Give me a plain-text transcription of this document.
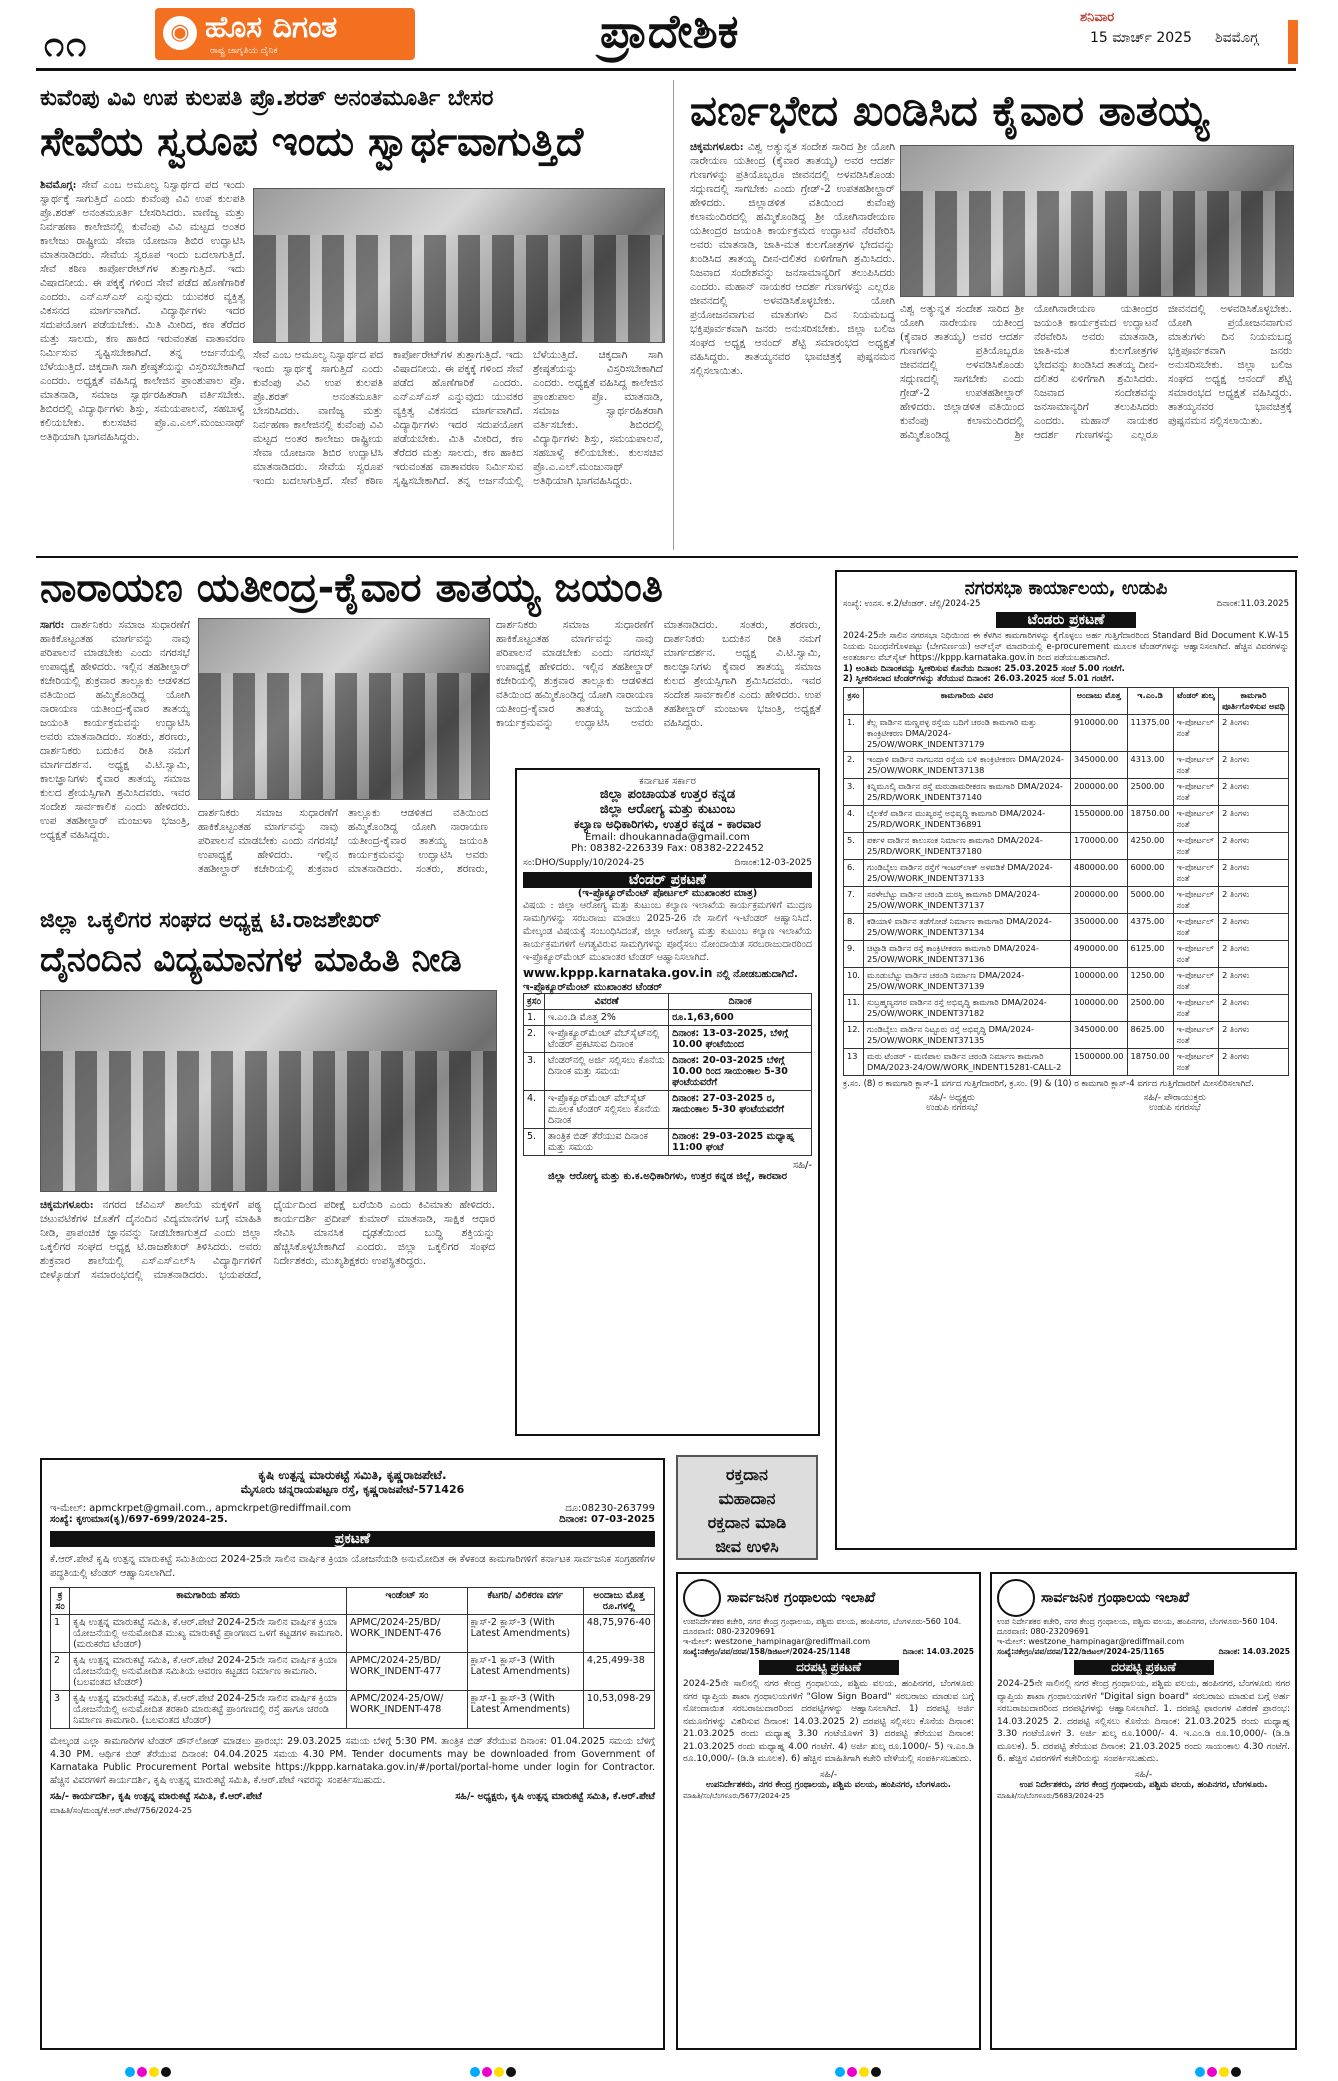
೧೧	◉ ಹೊಸ ದಿಗಂತ
ರಾಷ್ಟ್ರ ಜಾಗೃತಿಯ ದೈನಿಕ	ಪ್ರಾದೇಶಿಕ	ಶನಿವಾರ
15 ಮಾರ್ಚ್ 2025 ಶಿವಮೊಗ್ಗ
ಕುವೆಂಪು ವಿವಿ ಉಪ ಕುಲಪತಿ ಪ್ರೊ.ಶರತ್ ಅನಂತಮೂರ್ತಿ ಬೇಸರ
ಸೇವೆಯ ಸ್ವರೂಪ ಇಂದು ಸ್ವಾರ್ಥವಾಗುತ್ತಿದೆ
ಶಿವಮೊಗ್ಗ: ಸೇವೆ ಎಂಬ ಅಮೂಲ್ಯ ನಿಸ್ವಾರ್ಥದ ಪದ ಇಂದು ಸ್ವಾರ್ಥಕ್ಕೆ ಸಾಗುತ್ತಿದೆ ಎಂದು ಕುವೆಂಪು ವಿವಿ ಉಪ ಕುಲಪತಿ ಪ್ರೊ.ಶರತ್ ಅನಂತಮೂರ್ತಿ ಬೇಸರಿಸಿದರು. ವಾಣಿಜ್ಯ ಮತ್ತು ನಿರ್ವಹಣಾ ಕಾಲೇಜಿನಲ್ಲಿ ಕುವೆಂಪು ವಿವಿ ಮಟ್ಟದ ಅಂತರ ಕಾಲೇಜು ರಾಷ್ಟ್ರೀಯ ಸೇವಾ ಯೋಜನಾ ಶಿಬಿರ ಉದ್ಘಾಟಿಸಿ ಮಾತನಾಡಿದರು. ಸೇವೆಯ ಸ್ವರೂಪ ಇಂದು ಬದಲಾಗುತ್ತಿದೆ. ಸೇವೆ ಕಠಿಣ ಕಾರ್ಪೋರೇಟ್‌ಗಳ ತುತ್ತಾಗುತ್ತಿದೆ. ಇದು ವಿಷಾದನೀಯ. ಈ ಪಕ್ಕಕ್ಕೆ ಗಳಿಂದ ಸೇವೆ ಪಡೆದ ಹೊಣೆಗಾರಿಕೆ ಎಂದರು. ಎನ್‌ಎಸ್‌ಎಸ್ ಎನ್ನುವುದು ಯುವಕರ ವ್ಯಕ್ತಿತ್ವ ವಿಕಸನದ ಮಾರ್ಗವಾಗಿದೆ. ವಿದ್ಯಾರ್ಥಿಗಳು ಇದರ ಸದುಪಯೋಗ ಪಡೆಯಬೇಕು. ಮಿತಿ ಮೀರಿದ, ಕಣ ತೆರೆದರ ಮತ್ತು ಸಾಲದು, ಕಣ ಹಾಕಿದ ಇರುವಂತಹ ವಾತಾವರಣ ನಿರ್ಮಿಸುವ ಸೃಷ್ಟಿಸಬೇಕಾಗಿದೆ. ತನ್ನ ಅರ್ಜನೆಯಲ್ಲಿ ಬೆಳೆಯುತ್ತಿದೆ. ಚಿಕ್ಕದಾಗಿ ಸಾಗಿ ಶ್ರೇಷ್ಠತೆಯನ್ನು ವಿಸ್ತರಿಸಬೇಕಾಗಿದೆ ಎಂದರು. ಅಧ್ಯಕ್ಷತೆ ವಹಿಸಿದ್ದ ಕಾಲೇಜಿನ ಪ್ರಾಂಶುಪಾಲ ಪ್ರೊ. ಮಾತನಾಡಿ, ಸಮಾಜ ಸ್ವಾರ್ಥರಹಿತರಾಗಿ ವರ್ತಿಸಬೇಕು. ಶಿಬಿರದಲ್ಲಿ ವಿದ್ಯಾರ್ಥಿಗಳು ಶಿಸ್ತು, ಸಮಯಪಾಲನೆ, ಸಹಬಾಳ್ವೆ ಕಲಿಯಬೇಕು. ಕುಲಸಚಿವ ಪ್ರೊ.ಎ.ಎಲ್.ಮಂಜುನಾಥ್ ಅತಿಥಿಯಾಗಿ ಭಾಗವಹಿಸಿದ್ದರು.
ಸೇವೆ ಎಂಬ ಅಮೂಲ್ಯ ನಿಸ್ವಾರ್ಥದ ಪದ ಇಂದು ಸ್ವಾರ್ಥಕ್ಕೆ ಸಾಗುತ್ತಿದೆ ಎಂದು ಕುವೆಂಪು ವಿವಿ ಉಪ ಕುಲಪತಿ ಪ್ರೊ.ಶರತ್ ಅನಂತಮೂರ್ತಿ ಬೇಸರಿಸಿದರು. ವಾಣಿಜ್ಯ ಮತ್ತು ನಿರ್ವಹಣಾ ಕಾಲೇಜಿನಲ್ಲಿ ಕುವೆಂಪು ವಿವಿ ಮಟ್ಟದ ಅಂತರ ಕಾಲೇಜು ರಾಷ್ಟ್ರೀಯ ಸೇವಾ ಯೋಜನಾ ಶಿಬಿರ ಉದ್ಘಾಟಿಸಿ ಮಾತನಾಡಿದರು. ಸೇವೆಯ ಸ್ವರೂಪ ಇಂದು ಬದಲಾಗುತ್ತಿದೆ. ಸೇವೆ ಕಠಿಣ ಕಾರ್ಪೋರೇಟ್‌ಗಳ ತುತ್ತಾಗುತ್ತಿದೆ. ಇದು ವಿಷಾದನೀಯ. ಈ ಪಕ್ಕಕ್ಕೆ ಗಳಿಂದ ಸೇವೆ ಪಡೆದ ಹೊಣೆಗಾರಿಕೆ ಎಂದರು. ಎನ್‌ಎಸ್‌ಎಸ್ ಎನ್ನುವುದು ಯುವಕರ ವ್ಯಕ್ತಿತ್ವ ವಿಕಸನದ ಮಾರ್ಗವಾಗಿದೆ. ವಿದ್ಯಾರ್ಥಿಗಳು ಇದರ ಸದುಪಯೋಗ ಪಡೆಯಬೇಕು. ಮಿತಿ ಮೀರಿದ, ಕಣ ತೆರೆದರ ಮತ್ತು ಸಾಲದು, ಕಣ ಹಾಕಿದ ಇರುವಂತಹ ವಾತಾವರಣ ನಿರ್ಮಿಸುವ ಸೃಷ್ಟಿಸಬೇಕಾಗಿದೆ. ತನ್ನ ಅರ್ಜನೆಯಲ್ಲಿ ಬೆಳೆಯುತ್ತಿದೆ. ಚಿಕ್ಕದಾಗಿ ಸಾಗಿ ಶ್ರೇಷ್ಠತೆಯನ್ನು ವಿಸ್ತರಿಸಬೇಕಾಗಿದೆ ಎಂದರು. ಅಧ್ಯಕ್ಷತೆ ವಹಿಸಿದ್ದ ಕಾಲೇಜಿನ ಪ್ರಾಂಶುಪಾಲ ಪ್ರೊ. ಮಾತನಾಡಿ, ಸಮಾಜ ಸ್ವಾರ್ಥರಹಿತರಾಗಿ ವರ್ತಿಸಬೇಕು. ಶಿಬಿರದಲ್ಲಿ ವಿದ್ಯಾರ್ಥಿಗಳು ಶಿಸ್ತು, ಸಮಯಪಾಲನೆ, ಸಹಬಾಳ್ವೆ ಕಲಿಯಬೇಕು. ಕುಲಸಚಿವ ಪ್ರೊ.ಎ.ಎಲ್.ಮಂಜುನಾಥ್ ಅತಿಥಿಯಾಗಿ ಭಾಗವಹಿಸಿದ್ದರು.
ವರ್ಣಭೇದ ಖಂಡಿಸಿದ ಕೈವಾರ ತಾತಯ್ಯ
ಚಿಕ್ಕಮಗಳೂರು: ವಿಶ್ವ ಅತ್ಯುನ್ನತ ಸಂದೇಶ ಸಾರಿದ ಶ್ರೀ ಯೋಗಿ ನಾರೇಯಣ ಯತೀಂದ್ರ (ಕೈವಾರ ತಾತಯ್ಯ) ಅವರ ಆದರ್ಶ ಗುಣಗಳನ್ನು ಪ್ರತಿಯೊಬ್ಬರೂ ಜೀವನದಲ್ಲಿ ಅಳವಡಿಸಿಕೊಂಡು ಸದ್ಗುಣದಲ್ಲಿ ಸಾಗಬೇಕು ಎಂದು ಗ್ರೇಡ್-2 ಉಪತಹಶೀಲ್ದಾರ್ ಹೇಳಿದರು. ಜಿಲ್ಲಾಡಳಿತ ವತಿಯಿಂದ ಕುವೆಂಪು ಕಲಾಮಂದಿರದಲ್ಲಿ ಹಮ್ಮಿಕೊಂಡಿದ್ದ ಶ್ರೀ ಯೋಗಿನಾರೇಯಣ ಯತೀಂದ್ರರ ಜಯಂತಿ ಕಾರ್ಯಕ್ರಮದ ಉದ್ಘಾಟನೆ ನೆರವೇರಿಸಿ ಅವರು ಮಾತನಾಡಿ, ಜಾತಿ-ಮತ ಕುಲಗೋತ್ರಗಳ ಭೇದವನ್ನು ಖಂಡಿಸಿದ ತಾತಯ್ಯ ದೀನ-ದಲಿತರ ಏಳಿಗೆಗಾಗಿ ಶ್ರಮಿಸಿದರು. ನಿಜವಾದ ಸಂದೇಶವನ್ನು ಜನಸಾಮಾನ್ಯರಿಗೆ ತಲುಪಿಸಿದರು ಎಂದರು. ಮಹಾನ್ ನಾಯಕರ ಆದರ್ಶ ಗುಣಗಳನ್ನು ಎಲ್ಲರೂ ಜೀವನದಲ್ಲಿ ಅಳವಡಿಸಿಕೊಳ್ಳಬೇಕು. ಯೋಗಿ ಪ್ರಯೋಜನವಾಗುವ ಮಾತುಗಳು ದಿನ ನಿಯಮಬದ್ಧ ಭಕ್ತಿಪೂರ್ವಕವಾಗಿ ಜನರು ಅನುಸರಿಸಬೇಕು. ಜಿಲ್ಲಾ ಬಲಿಜ ಸಂಘದ ಅಧ್ಯಕ್ಷ ಆನಂದ್ ಶೆಟ್ಟಿ ಸಮಾರಂಭದ ಅಧ್ಯಕ್ಷತೆ ವಹಿಸಿದ್ದರು. ತಾತಯ್ಯನವರ ಭಾವಚಿತ್ರಕ್ಕೆ ಪುಷ್ಪನಮನ ಸಲ್ಲಿಸಲಾಯಿತು.
ವಿಶ್ವ ಅತ್ಯುನ್ನತ ಸಂದೇಶ ಸಾರಿದ ಶ್ರೀ ಯೋಗಿ ನಾರೇಯಣ ಯತೀಂದ್ರ (ಕೈವಾರ ತಾತಯ್ಯ) ಅವರ ಆದರ್ಶ ಗುಣಗಳನ್ನು ಪ್ರತಿಯೊಬ್ಬರೂ ಜೀವನದಲ್ಲಿ ಅಳವಡಿಸಿಕೊಂಡು ಸದ್ಗುಣದಲ್ಲಿ ಸಾಗಬೇಕು ಎಂದು ಗ್ರೇಡ್-2 ಉಪತಹಶೀಲ್ದಾರ್ ಹೇಳಿದರು. ಜಿಲ್ಲಾಡಳಿತ ವತಿಯಿಂದ ಕುವೆಂಪು ಕಲಾಮಂದಿರದಲ್ಲಿ ಹಮ್ಮಿಕೊಂಡಿದ್ದ ಶ್ರೀ ಯೋಗಿನಾರೇಯಣ ಯತೀಂದ್ರರ ಜಯಂತಿ ಕಾರ್ಯಕ್ರಮದ ಉದ್ಘಾಟನೆ ನೆರವೇರಿಸಿ ಅವರು ಮಾತನಾಡಿ, ಜಾತಿ-ಮತ ಕುಲಗೋತ್ರಗಳ ಭೇದವನ್ನು ಖಂಡಿಸಿದ ತಾತಯ್ಯ ದೀನ-ದಲಿತರ ಏಳಿಗೆಗಾಗಿ ಶ್ರಮಿಸಿದರು. ನಿಜವಾದ ಸಂದೇಶವನ್ನು ಜನಸಾಮಾನ್ಯರಿಗೆ ತಲುಪಿಸಿದರು ಎಂದರು. ಮಹಾನ್ ನಾಯಕರ ಆದರ್ಶ ಗುಣಗಳನ್ನು ಎಲ್ಲರೂ ಜೀವನದಲ್ಲಿ ಅಳವಡಿಸಿಕೊಳ್ಳಬೇಕು. ಯೋಗಿ ಪ್ರಯೋಜನವಾಗುವ ಮಾತುಗಳು ದಿನ ನಿಯಮಬದ್ಧ ಭಕ್ತಿಪೂರ್ವಕವಾಗಿ ಜನರು ಅನುಸರಿಸಬೇಕು. ಜಿಲ್ಲಾ ಬಲಿಜ ಸಂಘದ ಅಧ್ಯಕ್ಷ ಆನಂದ್ ಶೆಟ್ಟಿ ಸಮಾರಂಭದ ಅಧ್ಯಕ್ಷತೆ ವಹಿಸಿದ್ದರು. ತಾತಯ್ಯನವರ ಭಾವಚಿತ್ರಕ್ಕೆ ಪುಷ್ಪನಮನ ಸಲ್ಲಿಸಲಾಯಿತು.
ನಾರಾಯಣ ಯತೀಂದ್ರ-ಕೈವಾರ ತಾತಯ್ಯ ಜಯಂತಿ
ಸಾಗರ: ದಾರ್ಶನಿಕರು ಸಮಾಜ ಸುಧಾರಣೆಗೆ ಹಾಕಿಕೊಟ್ಟಂತಹ ಮಾರ್ಗವನ್ನು ನಾವು ಪರಿಪಾಲನೆ ಮಾಡಬೇಕು ಎಂದು ನಗರಸಭೆ ಉಪಾಧ್ಯಕ್ಷೆ ಹೇಳಿದರು. ಇಲ್ಲಿನ ತಹಶೀಲ್ದಾರ್ ಕಚೇರಿಯಲ್ಲಿ ಶುಕ್ರವಾರ ತಾಲ್ಲೂಕು ಆಡಳಿತದ ವತಿಯಿಂದ ಹಮ್ಮಿಕೊಂಡಿದ್ದ ಯೋಗಿ ನಾರಾಯಣ ಯತೀಂದ್ರ-ಕೈವಾರ ತಾತಯ್ಯ ಜಯಂತಿ ಕಾರ್ಯಕ್ರಮವನ್ನು ಉದ್ಘಾಟಿಸಿ ಅವರು ಮಾತನಾಡಿದರು. ಸಂತರು, ಶರಣರು, ದಾರ್ಶನಿಕರು ಬದುಕಿನ ರೀತಿ ನಮಗೆ ಮಾರ್ಗದರ್ಶನ. ಅಧ್ಯಕ್ಷ ವಿ.ಟಿ.ಸ್ವಾಮಿ, ಕಾಲಜ್ಞಾನಿಗಳು ಕೈವಾರ ತಾತಯ್ಯ ಸಮಾಜ ಕುಲದ ಶ್ರೇಯಸ್ಸಿಗಾಗಿ ಶ್ರಮಿಸಿದವರು. ಇವರ ಸಂದೇಶ ಸಾರ್ವಕಾಲಿಕ ಎಂದು ಹೇಳಿದರು. ಉಪ ತಹಶೀಲ್ದಾರ್ ಮಂಜುಳಾ ಭಜಂತ್ರಿ, ಅಧ್ಯಕ್ಷತೆ ವಹಿಸಿದ್ದರು.
ದಾರ್ಶನಿಕರು ಸಮಾಜ ಸುಧಾರಣೆಗೆ ಹಾಕಿಕೊಟ್ಟಂತಹ ಮಾರ್ಗವನ್ನು ನಾವು ಪರಿಪಾಲನೆ ಮಾಡಬೇಕು ಎಂದು ನಗರಸಭೆ ಉಪಾಧ್ಯಕ್ಷೆ ಹೇಳಿದರು. ಇಲ್ಲಿನ ತಹಶೀಲ್ದಾರ್ ಕಚೇರಿಯಲ್ಲಿ ಶುಕ್ರವಾರ ತಾಲ್ಲೂಕು ಆಡಳಿತದ ವತಿಯಿಂದ ಹಮ್ಮಿಕೊಂಡಿದ್ದ ಯೋಗಿ ನಾರಾಯಣ ಯತೀಂದ್ರ-ಕೈವಾರ ತಾತಯ್ಯ ಜಯಂತಿ ಕಾರ್ಯಕ್ರಮವನ್ನು ಉದ್ಘಾಟಿಸಿ ಅವರು ಮಾತನಾಡಿದರು. ಸಂತರು, ಶರಣರು,
ದಾರ್ಶನಿಕರು ಸಮಾಜ ಸುಧಾರಣೆಗೆ ಹಾಕಿಕೊಟ್ಟಂತಹ ಮಾರ್ಗವನ್ನು ನಾವು ಪರಿಪಾಲನೆ ಮಾಡಬೇಕು ಎಂದು ನಗರಸಭೆ ಉಪಾಧ್ಯಕ್ಷೆ ಹೇಳಿದರು. ಇಲ್ಲಿನ ತಹಶೀಲ್ದಾರ್ ಕಚೇರಿಯಲ್ಲಿ ಶುಕ್ರವಾರ ತಾಲ್ಲೂಕು ಆಡಳಿತದ ವತಿಯಿಂದ ಹಮ್ಮಿಕೊಂಡಿದ್ದ ಯೋಗಿ ನಾರಾಯಣ ಯತೀಂದ್ರ-ಕೈವಾರ ತಾತಯ್ಯ ಜಯಂತಿ ಕಾರ್ಯಕ್ರಮವನ್ನು ಉದ್ಘಾಟಿಸಿ ಅವರು ಮಾತನಾಡಿದರು. ಸಂತರು, ಶರಣರು, ದಾರ್ಶನಿಕರು ಬದುಕಿನ ರೀತಿ ನಮಗೆ ಮಾರ್ಗದರ್ಶನ. ಅಧ್ಯಕ್ಷ ವಿ.ಟಿ.ಸ್ವಾಮಿ, ಕಾಲಜ್ಞಾನಿಗಳು ಕೈವಾರ ತಾತಯ್ಯ ಸಮಾಜ ಕುಲದ ಶ್ರೇಯಸ್ಸಿಗಾಗಿ ಶ್ರಮಿಸಿದವರು. ಇವರ ಸಂದೇಶ ಸಾರ್ವಕಾಲಿಕ ಎಂದು ಹೇಳಿದರು. ಉಪ ತಹಶೀಲ್ದಾರ್ ಮಂಜುಳಾ ಭಜಂತ್ರಿ, ಅಧ್ಯಕ್ಷತೆ ವಹಿಸಿದ್ದರು.
ಜಿಲ್ಲಾ ಒಕ್ಕಲಿಗರ ಸಂಘದ ಅಧ್ಯಕ್ಷ ಟಿ.ರಾಜಶೇಖರ್
ದೈನಂದಿನ ವಿದ್ಯಮಾನಗಳ ಮಾಹಿತಿ ನೀಡಿ
ಚಿಕ್ಕಮಗಳೂರು: ನಗರದ ಜೆವಿಎಸ್ ಶಾಲೆಯ ಮಕ್ಕಳಿಗೆ ಪಠ್ಯ ಚಟುವಟಿಕೆಗಳ ಜೊತೆಗೆ ದೈನಂದಿನ ವಿದ್ಯಮಾನಗಳ ಬಗ್ಗೆ ಮಾಹಿತಿ ನೀಡಿ, ಪ್ರಾಪಂಚಿಕ ಜ್ಞಾನವನ್ನು ನೀಡಬೇಕಾಗುತ್ತದೆ ಎಂದು ಜಿಲ್ಲಾ ಒಕ್ಕಲಿಗರ ಸಂಘದ ಅಧ್ಯಕ್ಷ ಟಿ.ರಾಜಶೇಖರ್ ತಿಳಿಸಿದರು. ಅವರು ಶುಕ್ರವಾರ ಶಾಲೆಯಲ್ಲಿ ಎಸ್‌ಎಸ್‌ಎಲ್‌ಸಿ ವಿದ್ಯಾರ್ಥಿಗಳಿಗೆ ಬೀಳ್ಕೊಡುಗೆ ಸಮಾರಂಭದಲ್ಲಿ ಮಾತನಾಡಿದರು. ಭಯಪಡದೆ, ಧೈರ್ಯದಿಂದ ಪರೀಕ್ಷೆ ಬರೆಯಿರಿ ಎಂದು ಕಿವಿಮಾತು ಹೇಳಿದರು. ಕಾರ್ಯದರ್ಶಿ ಪ್ರದೀಪ್ ಕುಮಾರ್ ಮಾತನಾಡಿ, ಸಾಕ್ಷಿಕ ಆಧಾರ ಸೇವಿಸಿ ಮಾನಸಿಕ ದೃಢತೆಯಿಂದ ಬುದ್ಧಿ ಶಕ್ತಿಯನ್ನು ಹೆಚ್ಚಿಸಿಕೊಳ್ಳಬೇಕಾಗಿದೆ ಎಂದರು. ಜಿಲ್ಲಾ ಒಕ್ಕಲಿಗರ ಸಂಘದ ನಿರ್ದೇಶಕರು, ಮುಖ್ಯಶಿಕ್ಷಕರು ಉಪಸ್ಥಿತರಿದ್ದರು.
ಕರ್ನಾಟಕ ಸರ್ಕಾರ
ಜಿಲ್ಲಾ ಪಂಚಾಯತ ಉತ್ತರ ಕನ್ನಡ
ಜಿಲ್ಲಾ ಆರೋಗ್ಯ ಮತ್ತು ಕುಟುಂಬ
ಕಲ್ಯಾಣ ಅಧಿಕಾರಿಗಳು, ಉತ್ತರ ಕನ್ನಡ - ಕಾರವಾರ
Email: dhoukannada@gmail.com
Ph: 08382-226339 Fax: 08382-222452
ಸಂ:DHO/Supply/10/2024-25	ದಿನಾಂಕ:12-03-2025
ಟೆಂಡರ್ ಪ್ರಕಟಣೆ
(ಇ-ಪ್ರೊಕ್ಯೂರ್‌ಮೆಂಟ್ ಪೋರ್ಟಲ್ ಮುಖಾಂತರ ಮಾತ್ರ)
ವಿಷಯ : ಜಿಲ್ಲಾ ಆರೋಗ್ಯ ಮತ್ತು ಕುಟುಂಬ ಕಲ್ಯಾಣ ಇಲಾಖೆಯ ಕಾರ್ಯಕ್ರಮಗಳಿಗೆ ಮುದ್ರಣ ಸಾಮಗ್ರಿಗಳನ್ನು ಸರಬರಾಜು ಮಾಡಲು 2025-26 ನೇ ಸಾಲಿಗೆ ಇ-ಟೆಂಡರ್ ಆಹ್ವಾನಿಸಿದೆ. ಮೇಲ್ಕಂಡ ವಿಷಯಕ್ಕೆ ಸಂಬಂಧಿಸಿದಂತೆ, ಜಿಲ್ಲಾ ಆರೋಗ್ಯ ಮತ್ತು ಕುಟುಂಬ ಕಲ್ಯಾಣ ಇಲಾಖೆಯ ಕಾರ್ಯಕ್ರಮಗಳಿಗೆ ಅಗತ್ಯವಿರುವ ಸಾಮಗ್ರಿಗಳನ್ನು ಪೂರೈಸಲು ನೋಂದಾಯಿತ ಸರಬರಾಜುದಾರರಿಂದ ಇ-ಪ್ರೊಕ್ಯೂರ್‌ಮೆಂಟ್ ಮುಖಾಂತರ ಟೆಂಡರ್ ಆಹ್ವಾನಿಸಲಾಗಿದೆ.
www.kppp.karnataka.gov.in ನಲ್ಲಿ ನೋಡಬಹುದಾಗಿದೆ.
ಇ-ಪ್ರೊಕ್ಯೂರ್‌ಮೆಂಟ್ ಮುಖಾಂತರ ಟೆಂಡರ್
ಕ್ರಸಂ	ವಿವರಣೆ	ದಿನಾಂಕ
1.	ಇ.ಎಂ.ಡಿ ಮೊತ್ತ 2%	ರೂ.1,63,600
2.	ಇ-ಪ್ರೊಕ್ಯೂರ್‌ಮೆಂಟ್ ವೆಬ್‌ಸೈಟ್‌ನಲ್ಲಿ ಟೆಂಡರ್ ಪ್ರಕಟಿಸುವ ದಿನಾಂಕ	ದಿನಾಂಕ: 13-03-2025, ಬೆಳಿಗ್ಗೆ 10.00 ಘಂಟೆಯಿಂದ
3.	ಟೆಂಡರ್‌ನಲ್ಲಿ ಅರ್ಜಿ ಸಲ್ಲಿಸಲು ಕೊನೆಯ ದಿನಾಂಕ ಮತ್ತು ಸಮಯ	ದಿನಾಂಕ: 20-03-2025 ಬೆಳಿಗ್ಗೆ 10.00 ರಿಂದ ಸಾಯಂಕಾಲ 5-30 ಘಂಟೆಯವರೆಗೆ
4.	ಇ-ಪ್ರೊಕ್ಯೂರ್‌ಮೆಂಟ್ ವೆಬ್‌ಸೈಟ್ ಮೂಲಕ ಟೆಂಡರ್ ಸಲ್ಲಿಸಲು ಕೊನೆಯ ದಿನಾಂಕ	ದಿನಾಂಕ: 27-03-2025 ರ, ಸಾಯಂಕಾಲ 5-30 ಘಂಟೆಯವರೆಗೆ
5.	ತಾಂತ್ರಿಕ ಬಿಡ್ ತೆರೆಯುವ ದಿನಾಂಕ ಮತ್ತು ಸಮಯ	ದಿನಾಂಕ: 29-03-2025 ಮಧ್ಯಾಹ್ನ 11:00 ಘಂಟೆ
ಸಹಿ/-
ಜಿಲ್ಲಾ ಆರೋಗ್ಯ ಮತ್ತು ಕು.ಕ.ಅಧಿಕಾರಿಗಳು, ಉತ್ತರ ಕನ್ನಡ ಜಿಲ್ಲೆ, ಕಾರವಾರ
ನಗರಸಭಾ ಕಾರ್ಯಾಲಯ, ಉಡುಪಿ
ಸಂಖ್ಯೆ: ಉನಸ. ಕ.2/ಟೆಂಡರ್. ಜೆಲ್ಲಿ/2024-25	ದಿನಾಂಕ:11.03.2025
ಟೆಂಡರು ಪ್ರಕಟಣೆ
2024-25ನೇ ಸಾಲಿನ ನಗರಸಭಾ ನಿಧಿಯಿಂದ ಈ ಕೆಳಗಿನ ಕಾಮಗಾರಿಗಳನ್ನು ಕೈಗೊಳ್ಳಲು ಅರ್ಹ ಗುತ್ತಿಗೆದಾರರಿಂದ Standard Bid Document K.W-15 ನಿಯಮ ನಿಬಂಧನೆಗೊಳಪಟ್ಟು (ಬೇಗನಿರ್ಣಯ) ಆನ್‌ಲೈನ್ ಮಾದರಿಯಲ್ಲಿ e-procurement ಮೂಲಕ ಟೆಂಡರ್‌ಗಳನ್ನು ಆಹ್ವಾನಿಸಲಾಗಿದೆ. ಹೆಚ್ಚಿನ ವಿವರಗಳನ್ನು ಅಂತರ್ಜಾಲ ವೆಬ್‌ಸೈಟ್ https://kppp.karnataka.gov.in ರಿಂದ ಪಡೆಯಬಹುದಾಗಿದೆ.
1) ಅಂತಿಮ ದಿನಾಂಕವನ್ನು ಸ್ವೀಕರಿಸುವ ಕೊನೆಯ ದಿನಾಂಕ: 25.03.2025 ಸಂಜೆ 5.00 ಗಂಟೆಗೆ.
2) ಸ್ವೀಕರಿಸಲಾದ ಟೆಂಡರ್‌ಗಳನ್ನು ತೆರೆಯುವ ದಿನಾಂಕ: 26.03.2025 ಸಂಜೆ 5.01 ಗಂಟೆಗೆ.
ಕ್ರಸಂ	ಕಾಮಗಾರಿಯ ವಿವರ	ಅಂದಾಜು ಮೊತ್ತ	ಇ.ಎಂ.ಡಿ	ಟೆಂಡರ್ ಶುಲ್ಕ	ಕಾಮಗಾರಿ ಪೂರ್ತಿಗೊಳಿಸುವ ಅವಧಿ
1.	ಕೆಲ್ಲ ವಾರ್ಡಿನ ಮಣ್ಣಪಳ್ಳ ರಸ್ತೆಯ ಬದಿಗೆ ಚರಂಡಿ ಕಾಮಗಾರಿ ಮತ್ತು ಕಾಂಕ್ರಿಟೀಕರಣ DMA/2024-25/OW/WORK_INDENT37179	910000.00	11375.00	ಇ-ಪೋರ್ಟಲ್ ನಂತೆ	2 ತಿಂಗಳು
2.	ಇಂದ್ರಾಳಿ ವಾರ್ಡಿನ ನಾಗಬನದ ರಸ್ತೆಯ ಬಳಿ ಕಾಂಕ್ರಿಟೀಕರಣ DMA/2024-25/OW/WORK_INDENT37138	345000.00	4313.00	ಇ-ಪೋರ್ಟಲ್ ನಂತೆ	2 ತಿಂಗಳು
3.	ಕಿನ್ನಿಮೂಲ್ಕಿ ವಾರ್ಡಿನ ರಸ್ತೆ ಮರುಡಾಮರೀಕರಣ ಕಾಮಗಾರಿ DMA/2024-25/RD/WORK_INDENT37140	200000.00	2500.00	ಇ-ಪೋರ್ಟಲ್ ನಂತೆ	2 ತಿಂಗಳು
4.	ಬೈಲಕೆರೆ ವಾರ್ಡಿನ ಮುಖ್ಯರಸ್ತೆ ಅಭಿವೃದ್ಧಿ ಕಾಮಗಾರಿ DMA/2024-25/RD/WORK_INDENT36891	1550000.00	18750.00	ಇ-ಪೋರ್ಟಲ್ ನಂತೆ	2 ತಿಂಗಳು
5.	ಪರ್ಕಳ ವಾರ್ಡಿನ ಕಾಲುಸಂಕ ನಿರ್ಮಾಣ ಕಾಮಗಾರಿ DMA/2024-25/RD/WORK_INDENT37180	170000.00	4250.00	ಇ-ಪೋರ್ಟಲ್ ನಂತೆ	2 ತಿಂಗಳು
6.	ಗುಂಡಿಬೈಲು ವಾರ್ಡಿನ ರಸ್ತೆಗೆ ಇಂಟರ್‌ಲಾಕ್ ಅಳವಡಿಕೆ DMA/2024-25/OW/WORK_INDENT37133	480000.00	6000.00	ಇ-ಪೋರ್ಟಲ್ ನಂತೆ	2 ತಿಂಗಳು
7.	ಸರಳೇಬೆಟ್ಟು ವಾರ್ಡಿನ ಚರಂಡಿ ದುರಸ್ತಿ ಕಾಮಗಾರಿ DMA/2024-25/OW/WORK_INDENT37137	200000.00	5000.00	ಇ-ಪೋರ್ಟಲ್ ನಂತೆ	2 ತಿಂಗಳು
8.	ಕಡಿಯಾಳಿ ವಾರ್ಡಿನ ತಡೆಗೋಡೆ ನಿರ್ಮಾಣ ಕಾಮಗಾರಿ DMA/2024-25/OW/WORK_INDENT37134	350000.00	4375.00	ಇ-ಪೋರ್ಟಲ್ ನಂತೆ	2 ತಿಂಗಳು
9.	ಚಿಟ್ಪಾಡಿ ವಾರ್ಡಿನ ರಸ್ತೆ ಕಾಂಕ್ರಿಟೀಕರಣ ಕಾಮಗಾರಿ DMA/2024-25/OW/WORK_INDENT37136	490000.00	6125.00	ಇ-ಪೋರ್ಟಲ್ ನಂತೆ	2 ತಿಂಗಳು
10.	ಮೂಡುಬೆಟ್ಟು ವಾರ್ಡಿನ ಚರಂಡಿ ನಿರ್ಮಾಣ DMA/2024-25/OW/WORK_INDENT37139	100000.00	1250.00	ಇ-ಪೋರ್ಟಲ್ ನಂತೆ	2 ತಿಂಗಳು
11.	ಸುಬ್ರಹ್ಮಣ್ಯನಗರ ವಾರ್ಡಿನ ರಸ್ತೆ ಅಭಿವೃದ್ಧಿ ಕಾಮಗಾರಿ DMA/2024-25/OW/WORK_INDENT37182	100000.00	2500.00	ಇ-ಪೋರ್ಟಲ್ ನಂತೆ	2 ತಿಂಗಳು
12.	ಗುಂಡಿಬೈಲು ವಾರ್ಡಿನ ನಿಟ್ಟೂರು ರಸ್ತೆ ಅಭಿವೃದ್ಧಿ DMA/2024-25/OW/WORK_INDENT37135	345000.00	8625.00	ಇ-ಪೋರ್ಟಲ್ ನಂತೆ	2 ತಿಂಗಳು
13	ಮರು ಟೆಂಡರ್ - ಮಣಿಪಾಲ ವಾರ್ಡಿನ ಚರಂಡಿ ನಿರ್ಮಾಣ ಕಾಮಗಾರಿ DMA/2023-24/OW/WORK_INDENT15281-CALL-2	1500000.00	18750.00	ಇ-ಪೋರ್ಟಲ್ ನಂತೆ	2 ತಿಂಗಳು
ಕ್ರ.ಸಂ. (8) ರ ಕಾಮಗಾರಿ ಕ್ಲಾಸ್-1 ವರ್ಗದ ಗುತ್ತಿಗೆದಾರರಿಗೆ, ಕ್ರ.ಸಂ. (9) & (10) ರ ಕಾಮಗಾರಿ ಕ್ಲಾಸ್-4 ವರ್ಗದ ಗುತ್ತಿಗೆದಾರರಿಗೆ ಮೀಸಲಿರಿಸಲಾಗಿದೆ.
ಸಹಿ/- ಅಧ್ಯಕ್ಷರು
ಉಡುಪಿ ನಗರಸಭೆ
ಸಹಿ/- ಪೌರಾಯುಕ್ತರು
ಉಡುಪಿ ನಗರಸಭೆ
ಕೃಷಿ ಉತ್ಪನ್ನ ಮಾರುಕಟ್ಟೆ ಸಮಿತಿ, ಕೃಷ್ಣರಾಜಪೇಟೆ.
ಮೈಸೂರು ಚನ್ನರಾಯಪಟ್ಟಣ ರಸ್ತೆ, ಕೃಷ್ಣರಾಜಪೇಟೆ-571426
ಇ-ಮೇಲ್: apmckrpet@gmail.com., apmckrpet@rediffmail.com	ದೂ:08230-263799
ಸಂಖ್ಯೆ: ಕೃಉಮಾಸ(ಕೃ)/697-699/2024-25.	ದಿನಾಂಕ: 07-03-2025
ಪ್ರಕಟಣೆ
ಕೆ.ಆರ್.ಪೇಟೆ ಕೃಷಿ ಉತ್ಪನ್ನ ಮಾರುಕಟ್ಟೆ ಸಮಿತಿಯಿಂದ 2024-25ನೇ ಸಾಲಿನ ವಾರ್ಷಿಕ ಕ್ರಿಯಾ ಯೋಜನೆಯಡಿ ಅನುಮೋದಿತ ಈ ಕೆಳಕಂಡ ಕಾಮಗಾರಿಗಳಿಗೆ ಕರ್ನಾಟಕ ಸಾರ್ವಜನಿಕ ಸಂಗ್ರಹಣೆಗಳ ಪದ್ಧತಿಯಲ್ಲಿ ಟೆಂಡರ್ ಆಹ್ವಾನಿಸಲಾಗಿದೆ.
ಕ್ರ ಸಂ	ಕಾಮಗಾರಿಯ ಹೆಸರು	ಇಂಡೆಂಟ್ ಸಂ	ಕೆಟಗರಿ/ ವಿಲಿಕರಣ ವರ್ಗ	ಅಂದಾಜು ಮೊತ್ತ ರೂ.ಗಳಲ್ಲಿ
1	ಕೃಷಿ ಉತ್ಪನ್ನ ಮಾರುಕಟ್ಟೆ ಸಮಿತಿ, ಕೆ.ಆರ್.ಪೇಟೆ 2024-25ನೇ ಸಾಲಿನ ವಾರ್ಷಿಕ ಕ್ರಿಯಾ ಯೋಜನೆಯಲ್ಲಿ ಅನುಮೋದಿತ ಮುಖ್ಯ ಮಾರುಕಟ್ಟೆ ಪ್ರಾಂಗಣದ ಒಳಗೆ ಕಟ್ಟಡಗಳ ಕಾಮಗಾರಿ. (ಮರುಕರೆದ ಟೆಂಡರ್)	APMC/2024-25/BD/ WORK_INDENT-476	ಕ್ಲಾಸ್-2 ಕ್ಲಾಸ್-3 (With Latest Amendments)	48,75,976-40
2	ಕೃಷಿ ಉತ್ಪನ್ನ ಮಾರುಕಟ್ಟೆ ಸಮಿತಿ, ಕೆ.ಆರ್.ಪೇಟೆ 2024-25ನೇ ಸಾಲಿನ ವಾರ್ಷಿಕ ಕ್ರಿಯಾ ಯೋಜನೆಯಲ್ಲಿ ಅನುಮೋದಿತ ಸಮಿತಿಯ ಆವರಣ ಕಟ್ಟಡದ ನಿರ್ಮಾಣ ಕಾಮಗಾರಿ. (ಬಲವಂತದ ಟೆಂಡರ್)	APMC/2024-25/BD/ WORK_INDENT-477	ಕ್ಲಾಸ್-1 ಕ್ಲಾಸ್-3 (With Latest Amendments)	4,25,499-38
3	ಕೃಷಿ ಉತ್ಪನ್ನ ಮಾರುಕಟ್ಟೆ ಸಮಿತಿ, ಕೆ.ಆರ್.ಪೇಟೆ 2024-25ನೇ ಸಾಲಿನ ವಾರ್ಷಿಕ ಕ್ರಿಯಾ ಯೋಜನೆಯಲ್ಲಿ ಅನುಮೋದಿತ ತರಕಾರಿ ಮಾರುಕಟ್ಟೆ ಪ್ರಾಂಗಣದಲ್ಲಿ ರಸ್ತೆ ಹಾಗೂ ಚರಂಡಿ ನಿರ್ಮಾಣ ಕಾಮಗಾರಿ. (ಬಲವಂತದ ಟೆಂಡರ್)	APMC/2024-25/OW/ WORK_INDENT-478	ಕ್ಲಾಸ್-1 ಕ್ಲಾಸ್-3 (With Latest Amendments)	10,53,098-29
ಮೇಲ್ಕಂಡ ಎಲ್ಲಾ ಕಾಮಗಾರಿಗಳ ಟೆಂಡರ್ ಡೌನ್‌ಲೋಡ್ ಮಾಡಲು ಪ್ರಾರಂಭ: 29.03.2025 ಸಮಯ ಬೆಳಿಗ್ಗೆ 5:30 PM. ತಾಂತ್ರಿಕ ಬಿಡ್ ತೆರೆಯುವ ದಿನಾಂಕ: 01.04.2025 ಸಮಯ ಬೆಳಿಗ್ಗೆ 4.30 PM. ಆರ್ಥಿಕ ಬಿಡ್ ತೆರೆಯುವ ದಿನಾಂಕ: 04.04.2025 ಸಮಯ 4.30 PM. Tender documents may be downloaded from Government of Karnataka Public Procurement Portal website https://kppp.karnataka.gov.in/#/portal/portal-home under login for Contractor. ಹೆಚ್ಚಿನ ವಿವರಗಳಿಗೆ ಕಾರ್ಯದರ್ಶಿ, ಕೃಷಿ ಉತ್ಪನ್ನ ಮಾರುಕಟ್ಟೆ ಸಮಿತಿ, ಕೆ.ಆರ್.ಪೇಟೆ ಇವರನ್ನು ಸಂಪರ್ಕಿಸಬಹುದು.
ಸಹಿ/- ಕಾರ್ಯದರ್ಶಿ, ಕೃಷಿ ಉತ್ಪನ್ನ ಮಾರುಕಟ್ಟೆ ಸಮಿತಿ, ಕೆ.ಆರ್.ಪೇಟೆ	ಸಹಿ/- ಅಧ್ಯಕ್ಷರು, ಕೃಷಿ ಉತ್ಪನ್ನ ಮಾರುಕಟ್ಟೆ ಸಮಿತಿ, ಕೆ.ಆರ್.ಪೇಟೆ
ಮಾಹಿತಿ/ಸಂ/ಮಂಡ್ಯ/ಕೆ.ಆರ್.ಪೇಟೆ/756/2024-25
ರಕ್ತದಾನ
ಮಹಾದಾನ
ರಕ್ತದಾನ ಮಾಡಿ
ಜೀವ ಉಳಿಸಿ
ಸಾರ್ವಜನಿಕ ಗ್ರಂಥಾಲಯ ಇಲಾಖೆ
ಉಪನಿರ್ದೇಶಕರ ಕಚೇರಿ, ನಗರ ಕೇಂದ್ರ ಗ್ರಂಥಾಲಯ, ಪಶ್ಚಿಮ ವಲಯ, ಹಂಪಿನಗರ, ಬೆಂಗಳೂರು-560 104. ದೂರವಾಣಿ: 080-23209691
ಇ-ಮೇಲ್: westzone_hampinagar@rediffmail.com
ಸಂಖ್ಯೆ:ನಕೇಗ್ರಂ/ಪವ/ದರಪ/158/ಡಿಜಿಟಲ್/2024-25/1148	ದಿನಾಂಕ: 14.03.2025
ದರಪಟ್ಟಿ ಪ್ರಕಟಣೆ
2024-25ನೇ ಸಾಲಿನಲ್ಲಿ ನಗರ ಕೇಂದ್ರ ಗ್ರಂಥಾಲಯ, ಪಶ್ಚಿಮ ವಲಯ, ಹಂಪಿನಗರ, ಬೆಂಗಳೂರು ನಗರ ವ್ಯಾಪ್ತಿಯ ಶಾಖಾ ಗ್ರಂಥಾಲಯಗಳಿಗೆ "Glow Sign Board" ಸರಬರಾಜು ಮಾಡುವ ಬಗ್ಗೆ ನೋಂದಾಯಿತ ಸರಬರಾಜುದಾರರಿಂದ ದರಪಟ್ಟಿಗಳನ್ನು ಆಹ್ವಾನಿಸಲಾಗಿದೆ. 1) ದರಪಟ್ಟಿ ಅರ್ಜಿ ನಮೂನೆಗಳನ್ನು ವಿತರಿಸುವ ದಿನಾಂಕ: 14.03.2025 2) ದರಪಟ್ಟಿ ಸಲ್ಲಿಸಲು ಕೊನೆಯ ದಿನಾಂಕ: 21.03.2025 ರಂದು ಮಧ್ಯಾಹ್ನ 3.30 ಗಂಟೆಯೊಳಗೆ 3) ದರಪಟ್ಟಿ ತೆರೆಯುವ ದಿನಾಂಕ: 21.03.2025 ರಂದು ಮಧ್ಯಾಹ್ನ 4.00 ಗಂಟೆಗೆ. 4) ಅರ್ಜಿ ಶುಲ್ಕ ರೂ.1000/- 5) ಇ.ಎಂ.ಡಿ ರೂ.10,000/- (ಡಿ.ಡಿ ಮೂಲಕ). 6) ಹೆಚ್ಚಿನ ಮಾಹಿತಿಗಾಗಿ ಕಚೇರಿ ವೇಳೆಯಲ್ಲಿ ಸಂಪರ್ಕಿಸಬಹುದು.
ಸಹಿ/-
ಉಪನಿರ್ದೇಶಕರು, ನಗರ ಕೇಂದ್ರ ಗ್ರಂಥಾಲಯ, ಪಶ್ಚಿಮ ವಲಯ, ಹಂಪಿನಗರ, ಬೆಂಗಳೂರು.
ಮಾಹಿತಿ/ಸಂ/ಬೆಂಗಳೂರು/5677/2024-25
ಸಾರ್ವಜನಿಕ ಗ್ರಂಥಾಲಯ ಇಲಾಖೆ
ಉಪ ನಿರ್ದೇಶಕರ ಕಚೇರಿ, ನಗರ ಕೇಂದ್ರ ಗ್ರಂಥಾಲಯ, ಪಶ್ಚಿಮ ವಲಯ, ಹಂಪಿನಗರ, ಬೆಂಗಳೂರು-560 104. ದೂರವಾಣಿ: 080-23209691
ಇ-ಮೇಲ್: westzone_hampinagar@rediffmail.com
ಸಂಖ್ಯೆ:ನಕೇಗ್ರಂ/ಪವ/ದರಪ/122/ಡಿಜಿಟಲ್/2024-25/1165	ದಿನಾಂಕ: 14.03.2025
ದರಪಟ್ಟಿ ಪ್ರಕಟಣೆ
2024-25ನೇ ಸಾಲಿನಲ್ಲಿ ನಗರ ಕೇಂದ್ರ ಗ್ರಂಥಾಲಯ, ಪಶ್ಚಿಮ ವಲಯ, ಹಂಪಿನಗರ, ಬೆಂಗಳೂರು ನಗರ ವ್ಯಾಪ್ತಿಯ ಶಾಖಾ ಗ್ರಂಥಾಲಯಗಳಿಗೆ "Digital sign board" ಸರಬರಾಜು ಮಾಡುವ ಬಗ್ಗೆ ಅರ್ಹ ಸರಬರಾಜುದಾರರಿಂದ ದರಪಟ್ಟಿಗಳನ್ನು ಆಹ್ವಾನಿಸಲಾಗಿದೆ. 1. ದರಪಟ್ಟಿ ಫಾರಂಗಳ ವಿತರಣೆ ಪ್ರಾರಂಭ: 14.03.2025 2. ದರಪಟ್ಟಿ ಸಲ್ಲಿಸಲು ಕೊನೆಯ ದಿನಾಂಕ: 21.03.2025 ರಂದು ಮಧ್ಯಾಹ್ನ 3.30 ಗಂಟೆಯೊಳಗೆ 3. ಅರ್ಜಿ ಶುಲ್ಕ ರೂ.1000/- 4. ಇ.ಎಂ.ಡಿ ರೂ.10,000/- (ಡಿ.ಡಿ ಮೂಲಕ). 5. ದರಪಟ್ಟಿ ತೆರೆಯುವ ದಿನಾಂಕ: 21.03.2025 ರಂದು ಸಾಯಂಕಾಲ 4.30 ಗಂಟೆಗೆ. 6. ಹೆಚ್ಚಿನ ವಿವರಗಳಿಗೆ ಕಚೇರಿಯನ್ನು ಸಂಪರ್ಕಿಸಬಹುದು.
ಸಹಿ/-
ಉಪ ನಿರ್ದೇಶಕರು, ನಗರ ಕೇಂದ್ರ ಗ್ರಂಥಾಲಯ, ಪಶ್ಚಿಮ ವಲಯ, ಹಂಪಿನಗರ, ಬೆಂಗಳೂರು.
ಮಾಹಿತಿ/ಸಂ/ಬೆಂಗಳೂರು/5683/2024-25
